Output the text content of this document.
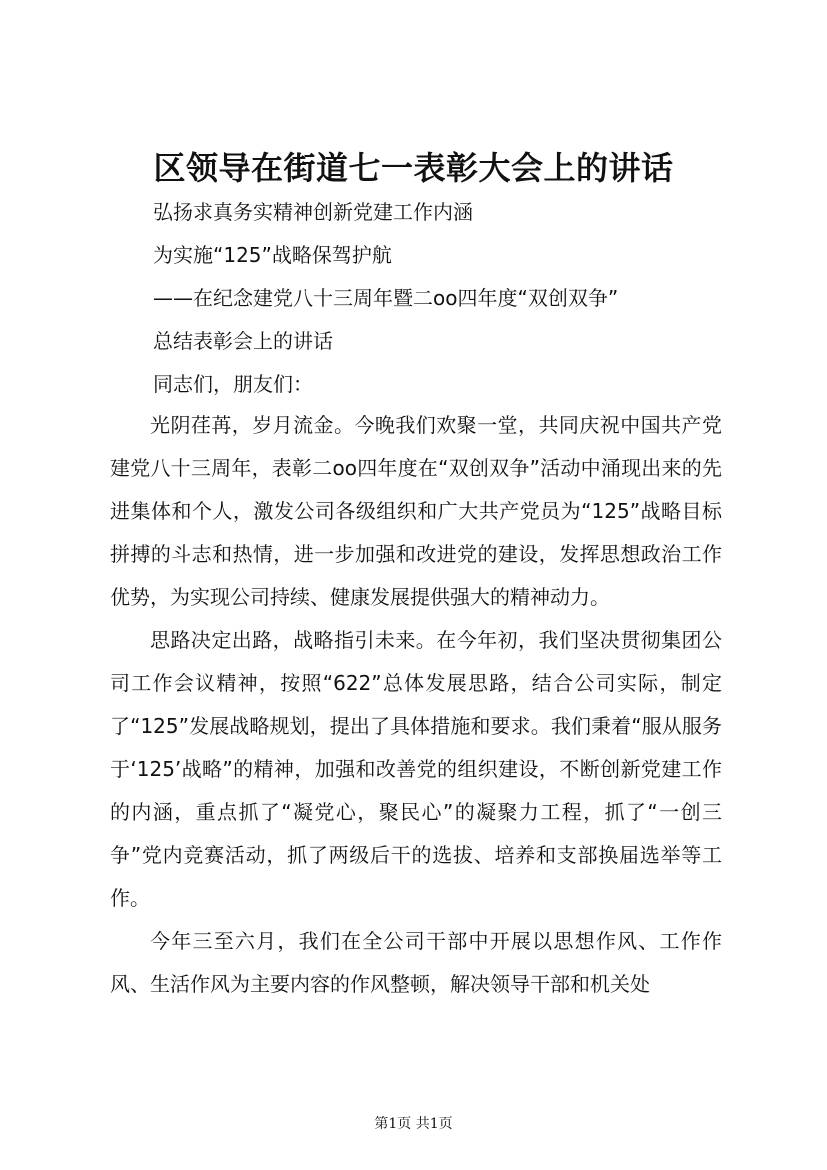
区领导在街道七一表彰大会上的讲话

弘扬求真务实精神创新党建工作内涵

为实施“125”战略保驾护航

——在纪念建党八十三周年暨二oo四年度“双创双争”

总结表彰会上的讲话

同志们，朋友们：

光阴荏苒，岁月流金。今晚我们欢聚一堂，共同庆祝中国共产党建党八十三周年，表彰二oo四年度在“双创双争”活动中涌现出来的先进集体和个人，激发公司各级组织和广大共产党员为“125”战略目标拼搏的斗志和热情，进一步加强和改进党的建设，发挥思想政治工作优势，为实现公司持续、健康发展提供强大的精神动力。

思路决定出路，战略指引未来。在今年初，我们坚决贯彻集团公司工作会议精神，按照“622”总体发展思路，结合公司实际，制定了“125”发展战略规划，提出了具体措施和要求。我们秉着“服从服务于‘125’战略”的精神，加强和改善党的组织建设，不断创新党建工作的内涵，重点抓了“凝党心，聚民心”的凝聚力工程，抓了“一创三争”党内竞赛活动，抓了两级后干的选拔、培养和支部换届选举等工作。

今年三至六月，我们在全公司干部中开展以思想作风、工作作风、生活作风为主要内容的作风整顿，解决领导干部和机关处

第1页 共1页
